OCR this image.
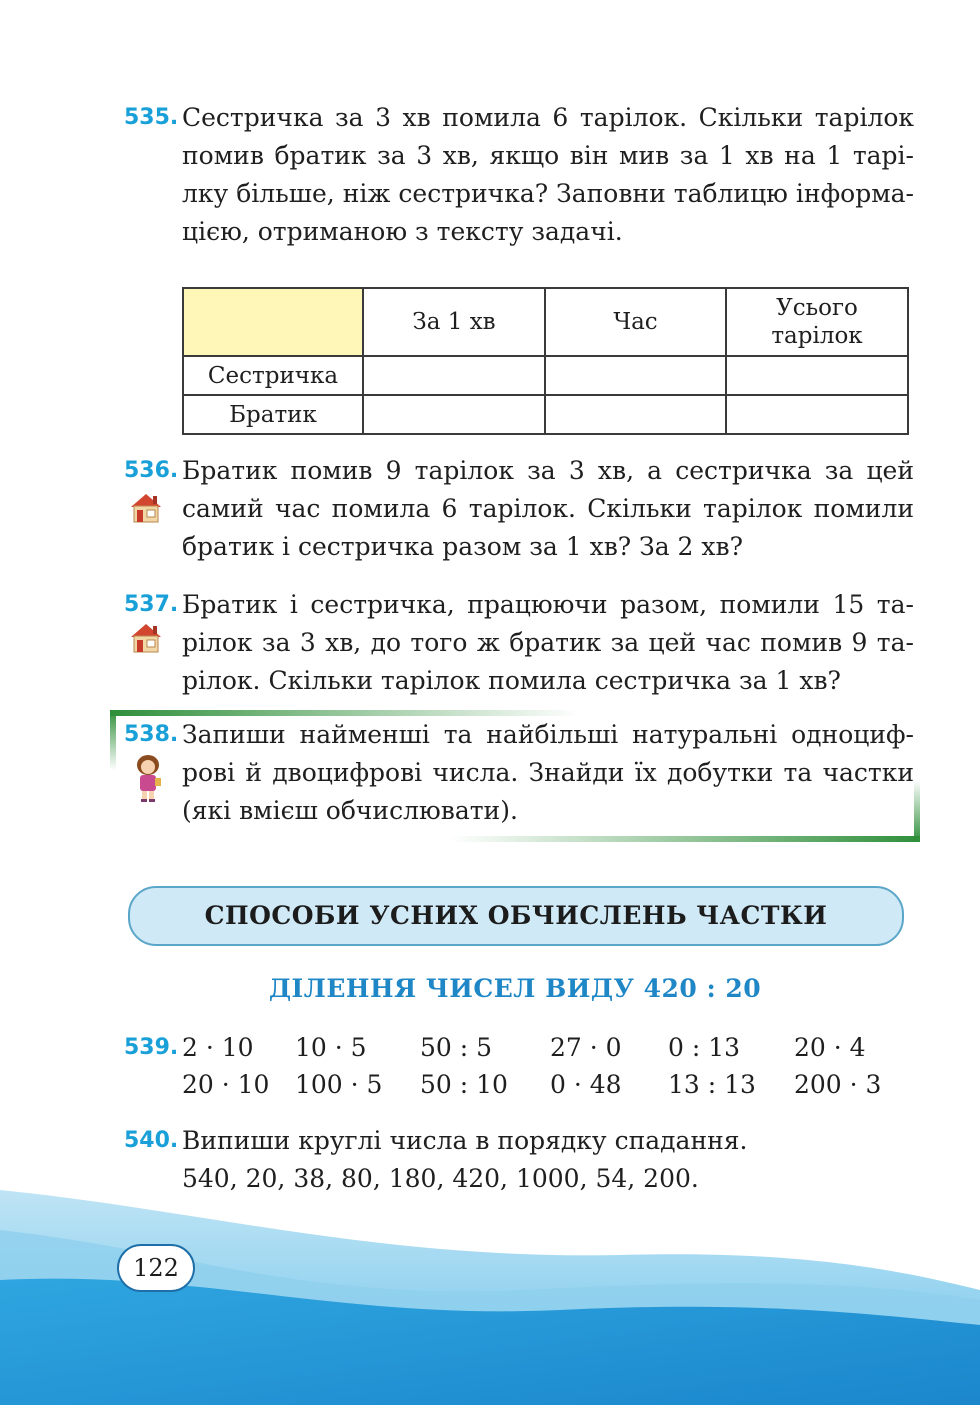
535. Сестричка за 3 хв помила 6 тарілок. Скільки тарілок
помив братик за 3 хв, якщо він мив за 1 хв на 1 тарі-
лку більше, ніж сестричка? Заповни таблицю інформа-
цією, отриманою з тексту задачі.
	За 1 хв	Час	Усього
тарілок
Сестричка			
Братик			
536. Братик помив 9 тарілок за 3 хв, а сестричка за цей
самий час помила 6 тарілок. Скільки тарілок помили
братик і сестричка разом за 1 хв? За 2 хв?
537. Братик і сестричка, працюючи разом, помили 15 та-
рілок за 3 хв, до того ж братик за цей час помив 9 та-
рілок. Скільки тарілок помила сестричка за 1 хв?
538. Запиши найменші та найбільші натуральні одноциф-
рові й двоцифрові числа. Знайди їх добутки та частки
(які вмієш обчислювати).
СПОСОБИ УСНИХ ОБЧИСЛЕНЬ ЧАСТКИ
ДІЛЕННЯ ЧИСЕЛ ВИДУ 420 : 20
539. 2 · 10 10 · 5 50 : 5 27 · 0 0 : 13 20 · 4
20 · 10 100 · 5 50 : 10 0 · 48 13 : 13 200 · 3
540. Випиши круглі числа в порядку спадання.
540, 20, 38, 80, 180, 420, 1000, 54, 200.
122
